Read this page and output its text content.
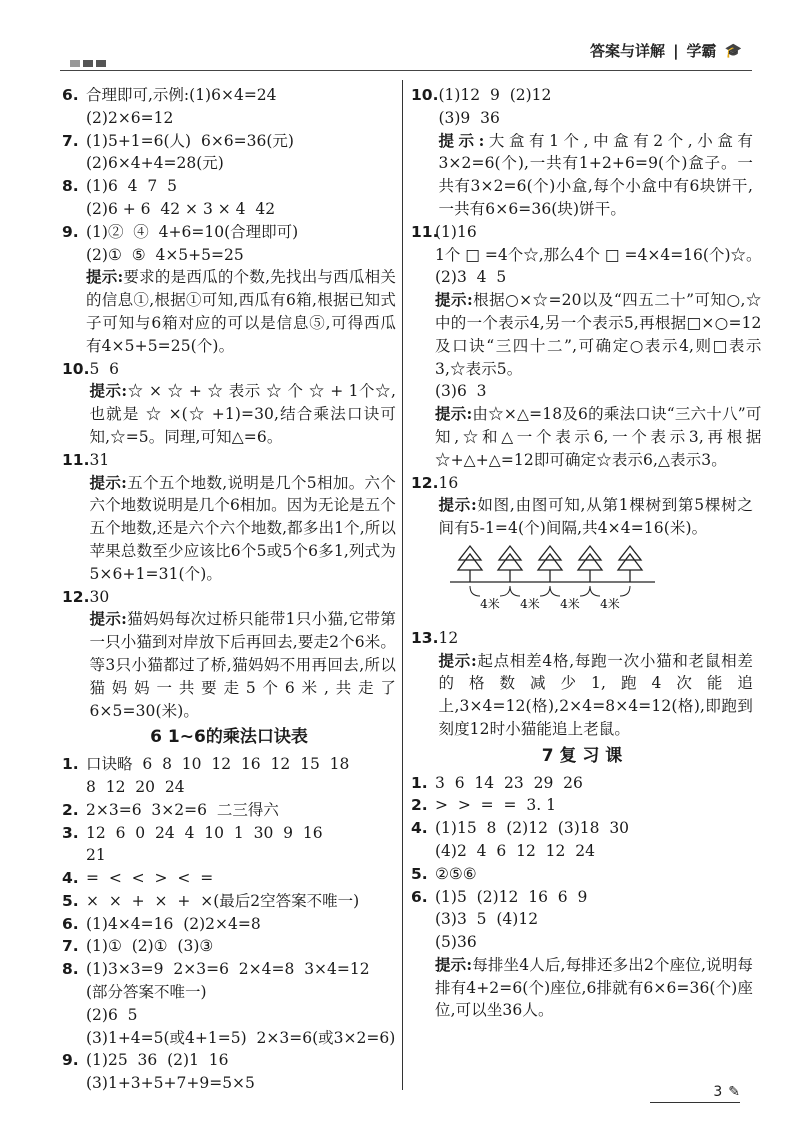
答案与详解 | 学霸 🎓
6. 合理即可,示例:(1)6×4=24
(2)2×6=12
7. (1)5+1=6(人)  6×6=36(元)
(2)6×4+4=28(元)
8. (1)6  4  7  5
(2)6 + 6  42 × 3 × 4  42
9. (1)②  ④  4+6=10(合理即可)
(2)①  ⑤  4×5+5=25
提示:要求的是西瓜的个数,先找出与西瓜相关的信息①,根据①可知,西瓜有6箱,根据已知式子可知与6箱对应的可以是信息⑤,可得西瓜有4×5+5=25(个)。
10. 5  6
提示:☆ × ☆ + ☆ 表示 ☆ 个 ☆ + 1个☆,也就是 ☆ ×(☆ +1)=30,结合乘法口诀可知,☆=5。同理,可知△=6。
11. 31
提示:五个五个地数,说明是几个5相加。六个六个地数说明是几个6相加。因为无论是五个五个地数,还是六个六个地数,都多出1个,所以苹果总数至少应该比6个5或5个6多1,列式为5×6+1=31(个)。
12. 30
提示:猫妈妈每次过桥只能带1只小猫,它带第一只小猫到对岸放下后再回去,要走2个6米。等3只小猫都过了桥,猫妈妈不用再回去,所以猫妈妈一共要走5个6米,共走了6×5=30(米)。
6 1~6的乘法口诀表
1. 口诀略  6  8  10  12  16  12  15  18
8  12  20  24
2. 2×3=6  3×2=6  二三得六
3. 12  6  0  24  4  10  1  30  9  16
21
4. =  <  <  >  <  =
5. ×  ×  +  ×  +  ×(最后2空答案不唯一)
6. (1)4×4=16  (2)2×4=8
7. (1)①  (2)①  (3)③
8. (1)3×3=9  2×3=6  2×4=8  3×4=12
(部分答案不唯一)
(2)6  5
(3)1+4=5(或4+1=5)  2×3=6(或3×2=6)
9. (1)25  36  (2)1  16
(3)1+3+5+7+9=5×5
10. (1)12  9  (2)12
(3)9  36
提示:大盒有1个,中盒有2个,小盒有3×2=6(个),一共有1+2+6=9(个)盒子。一共有3×2=6(个)小盒,每个小盒中有6块饼干,一共有6×6=36(块)饼干。
11.
(1)16
1个 □ =4个☆,那么4个 □ =4×4=16(个)☆。
(2)3  4  5
提示:根据○×☆=20以及“四五二十”可知○,☆中的一个表示4,另一个表示5,再根据□×○=12及口诀“三四十二”,可确定○表示4,则□表示3,☆表示5。
(3)6  3
提示:由☆×△=18及6的乘法口诀“三六十八”可知,☆和△一个表示6,一个表示3,再根据☆+△+△=12即可确定☆表示6,△表示3。
12. 16
提示:如图,由图可知,从第1棵树到第5棵树之间有5-1=4(个)间隔,共4×4=16(米)。
4米 4米 4米 4米
13. 12
提示:起点相差4格,每跑一次小猫和老鼠相差的格数减少1,跑4次能追上,3×4=12(格),2×4=8×4=12(格),即跑到刻度12时小猫能追上老鼠。
7 复 习 课
1. 3  6  14  23  29  26
2. >  >  =  =  3. 1
4. (1)15  8  (2)12  (3)18  30
(4)2  4  6  12  12  24
5. ②⑤⑥
6. (1)5  (2)12  16  6  9
(3)3  5  (4)12
(5)36
提示:每排坐4人后,每排还多出2个座位,说明每排有4+2=6(个)座位,6排就有6×6=36(个)座位,可以坐36人。
3 ✎
